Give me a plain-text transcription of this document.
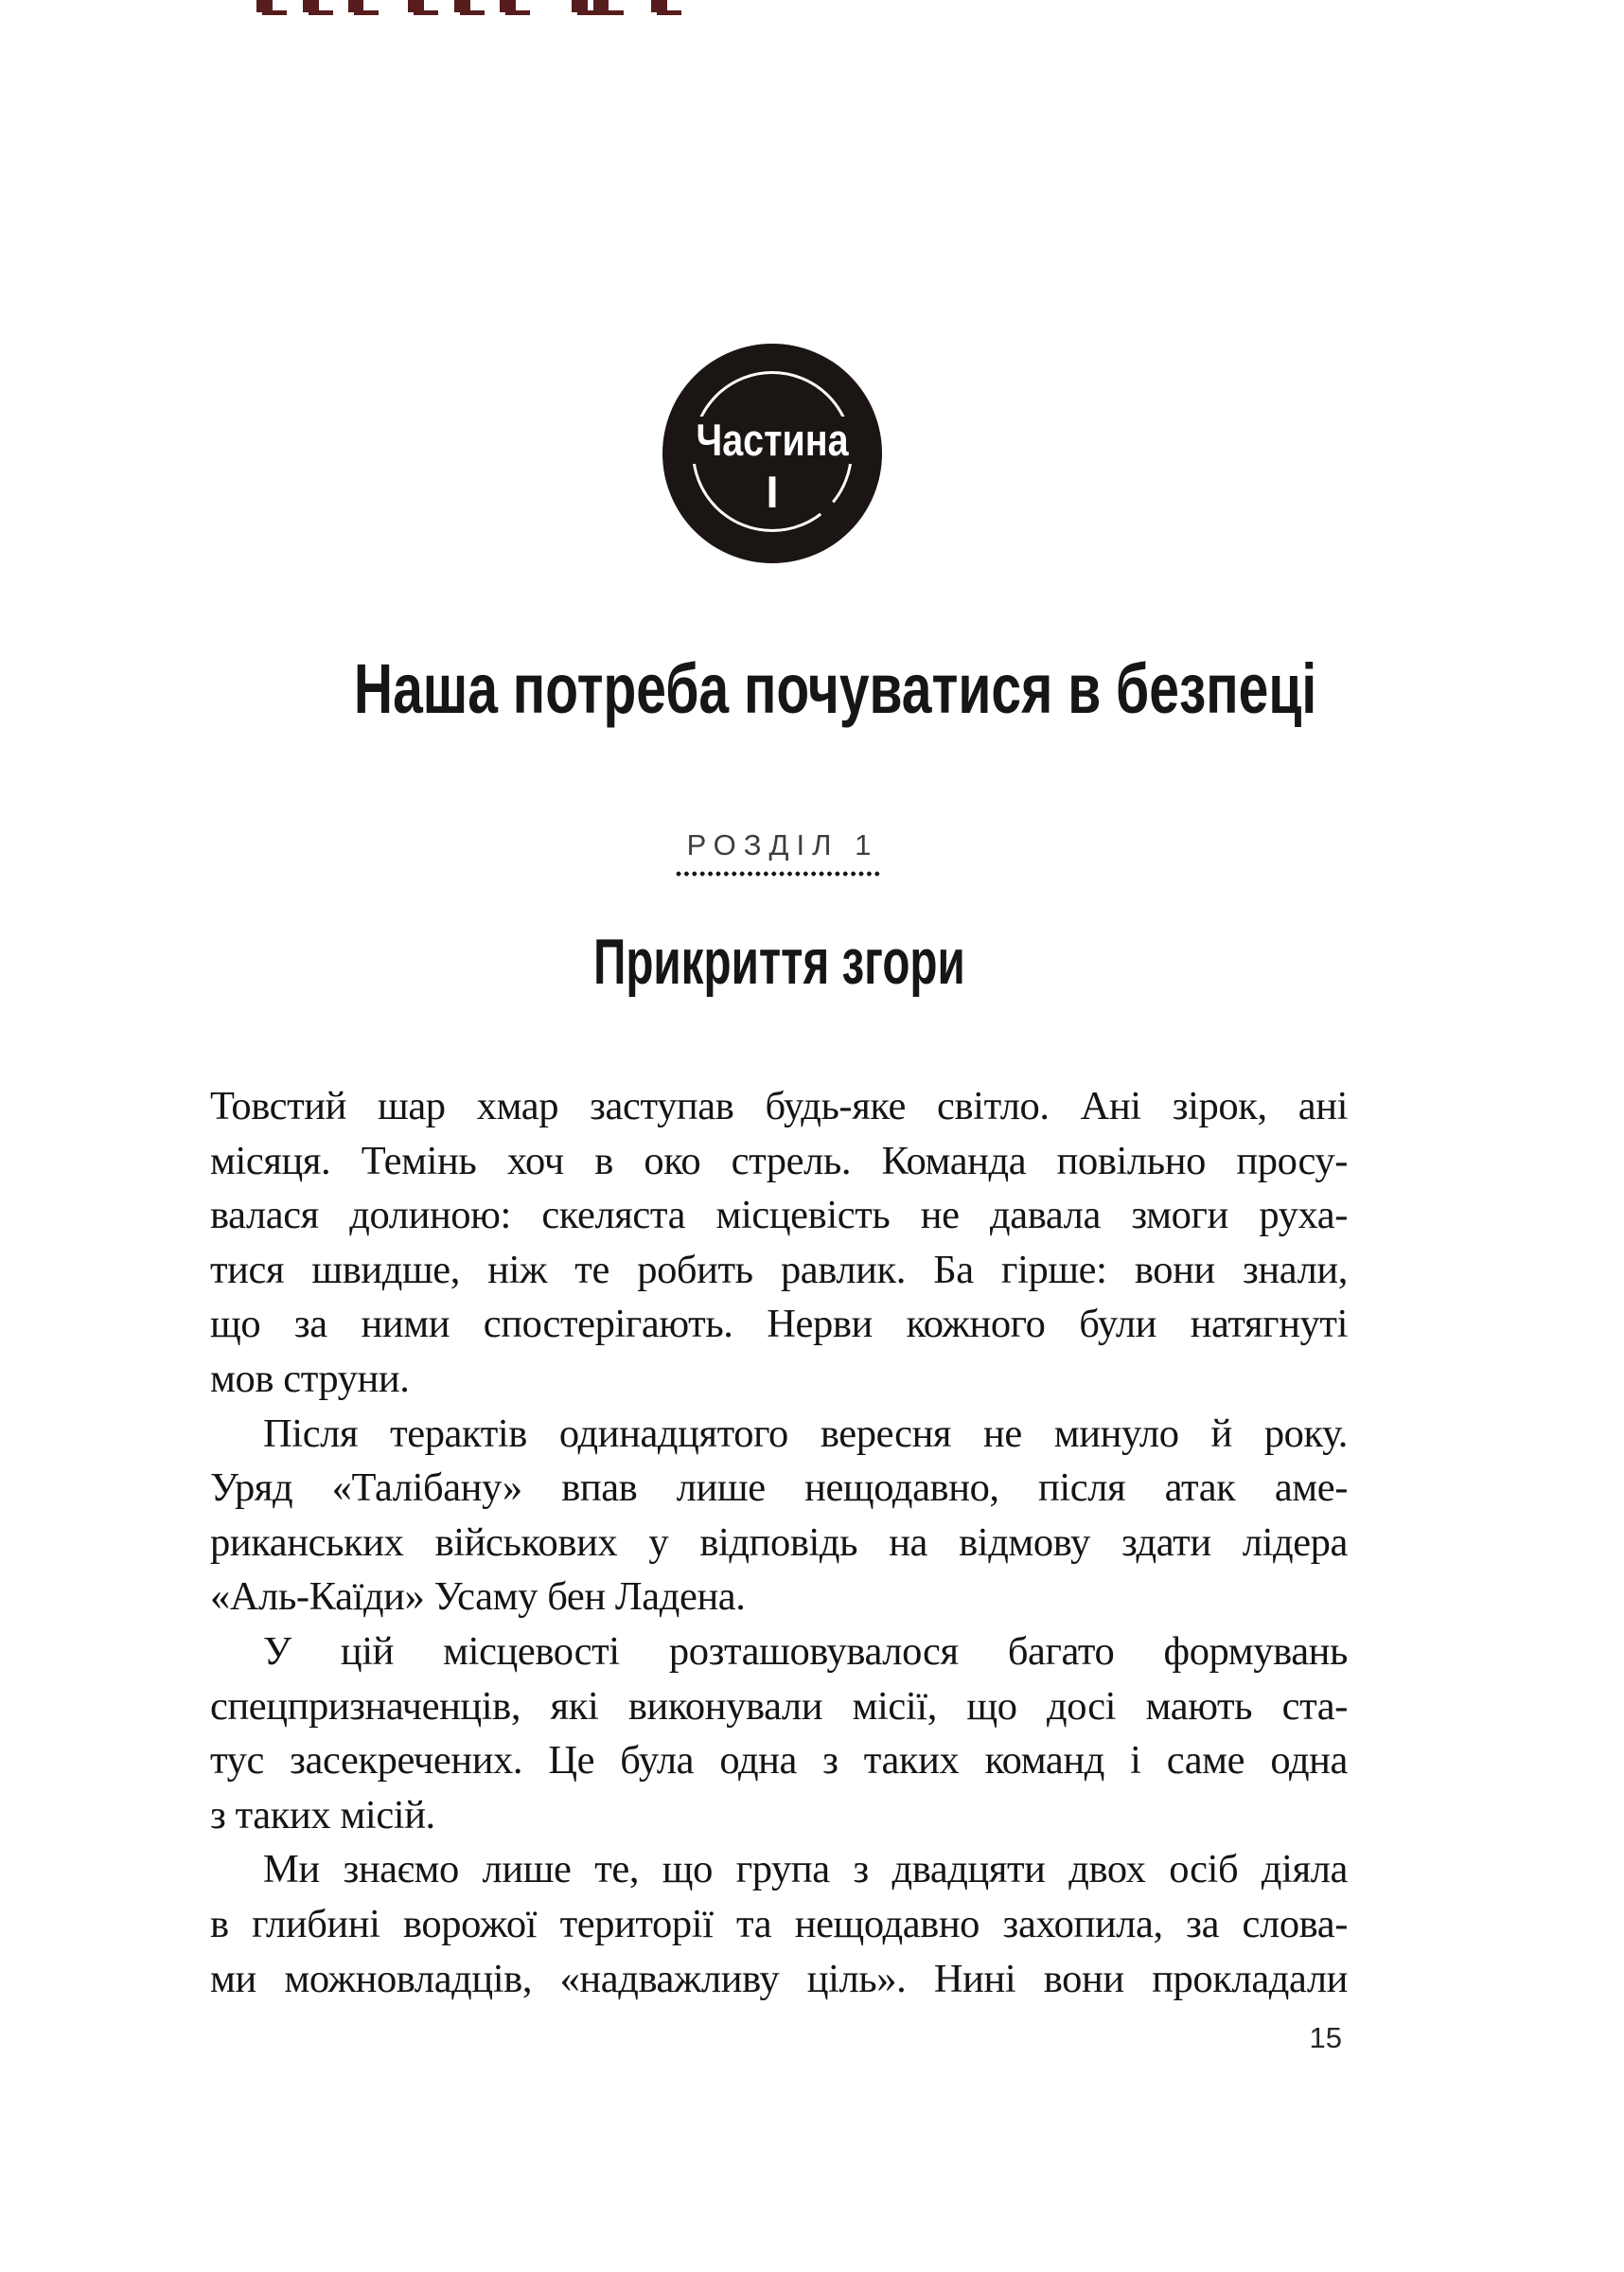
Частина
І
Наша потреба почуватися в безпеці
РОЗДІЛ 1
Прикриття згори
Товстий шар хмар заступав будь-яке світло. Ані зірок, ані
місяця. Темінь хоч в око стрель. Команда повільно просу-
валася долиною: скеляста місцевість не давала змоги руха-
тися швидше, ніж те робить равлик. Ба гірше: вони знали,
що за ними спостерігають. Нерви кожного були натягнуті
мов струни.
Після терактів одинадцятого вересня не минуло й року.
Уряд «Талібану» впав лише нещодавно, після атак аме-
риканських військових у відповідь на відмову здати лідера
«Аль-Каїди» Усаму бен Ладена.
У цій місцевості розташовувалося багато формувань
спецпризначенців, які виконували місії, що досі мають ста-
тус засекречених. Це була одна з таких команд і саме одна
з таких місій.
Ми знаємо лише те, що група з двадцяти двох осіб діяла
в глибині ворожої території та нещодавно захопила, за слова-
ми можновладців, «надважливу ціль». Нині вони прокладали
15
